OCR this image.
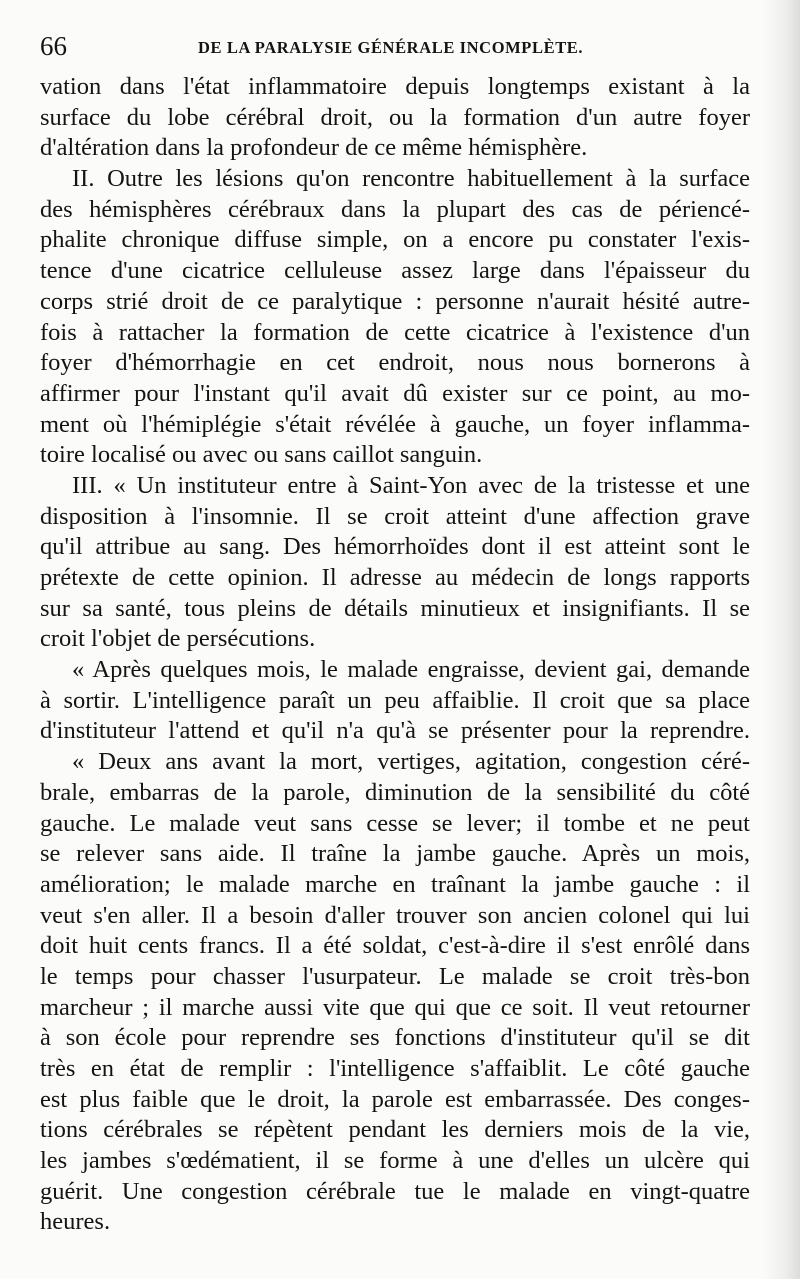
66	DE LA PARALYSIE GÉNÉRALE INCOMPLÈTE.
vation dans l'état inflammatoire depuis longtemps existant à la
surface du lobe cérébral droit, ou la formation d'un autre foyer
d'altération dans la profondeur de ce même hémisphère.
II. Outre les lésions qu'on rencontre habituellement à la surface
des hémisphères cérébraux dans la plupart des cas de périencé-
phalite chronique diffuse simple, on a encore pu constater l'exis-
tence d'une cicatrice celluleuse assez large dans l'épaisseur du
corps strié droit de ce paralytique : personne n'aurait hésité autre-
fois à rattacher la formation de cette cicatrice à l'existence d'un
foyer d'hémorrhagie en cet endroit, nous nous bornerons à
affirmer pour l'instant qu'il avait dû exister sur ce point, au mo-
ment où l'hémiplégie s'était révélée à gauche, un foyer inflamma-
toire localisé ou avec ou sans caillot sanguin.
III. « Un instituteur entre à Saint-Yon avec de la tristesse et une
disposition à l'insomnie. Il se croit atteint d'une affection grave
qu'il attribue au sang. Des hémorrhoïdes dont il est atteint sont le
prétexte de cette opinion. Il adresse au médecin de longs rapports
sur sa santé, tous pleins de détails minutieux et insignifiants. Il se
croit l'objet de persécutions.
« Après quelques mois, le malade engraisse, devient gai, demande
à sortir. L'intelligence paraît un peu affaiblie. Il croit que sa place
d'instituteur l'attend et qu'il n'a qu'à se présenter pour la reprendre.
« Deux ans avant la mort, vertiges, agitation, congestion céré-
brale, embarras de la parole, diminution de la sensibilité du côté
gauche. Le malade veut sans cesse se lever; il tombe et ne peut
se relever sans aide. Il traîne la jambe gauche. Après un mois,
amélioration; le malade marche en traînant la jambe gauche : il
veut s'en aller. Il a besoin d'aller trouver son ancien colonel qui lui
doit huit cents francs. Il a été soldat, c'est-à-dire il s'est enrôlé dans
le temps pour chasser l'usurpateur. Le malade se croit très-bon
marcheur ; il marche aussi vite que qui que ce soit. Il veut retourner
à son école pour reprendre ses fonctions d'instituteur qu'il se dit
très en état de remplir : l'intelligence s'affaiblit. Le côté gauche
est plus faible que le droit, la parole est embarrassée. Des conges-
tions cérébrales se répètent pendant les derniers mois de la vie,
les jambes s'œdématient, il se forme à une d'elles un ulcère qui
guérit. Une congestion cérébrale tue le malade en vingt-quatre
heures.
